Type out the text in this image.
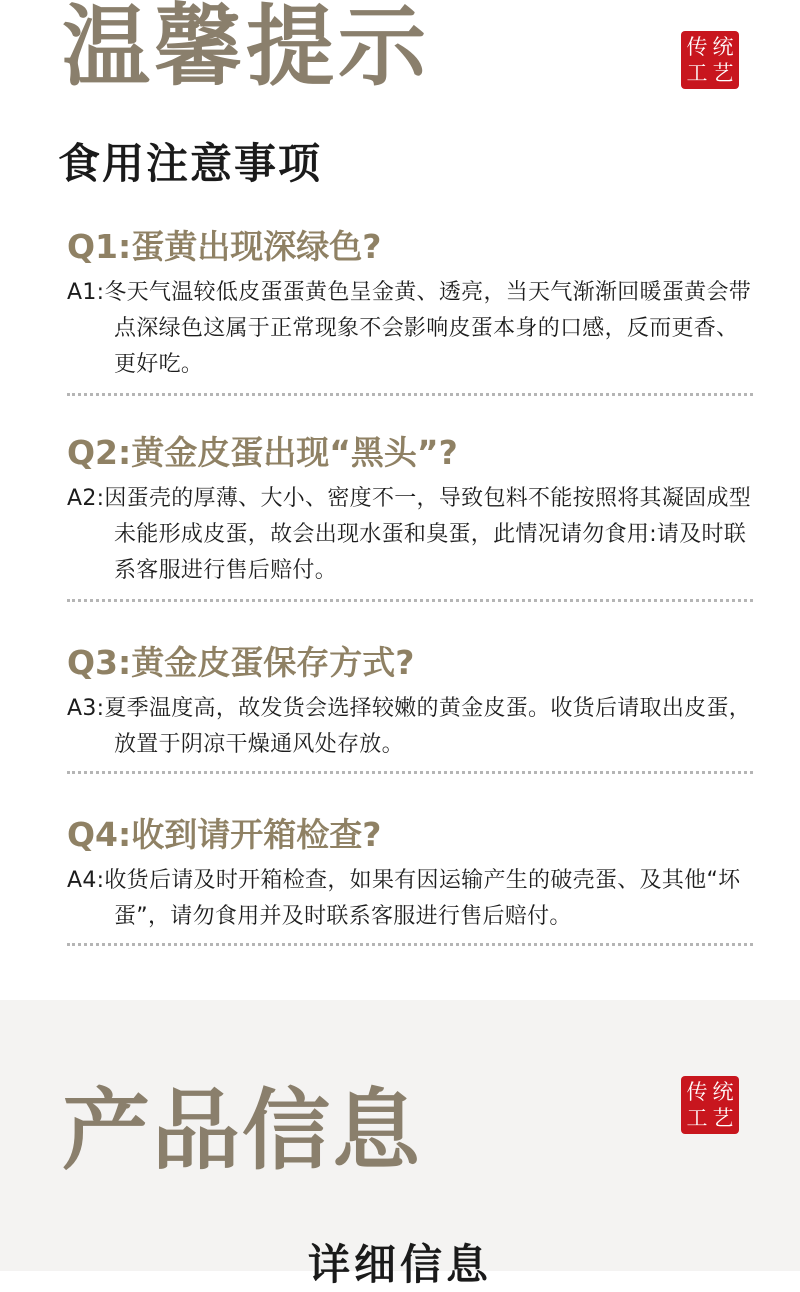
温馨提示	传 统
工 艺
食用注意事项

Q1:蛋黄出现深绿色?

A1:冬天气温较低皮蛋蛋黄色呈金黄、透亮，当天气渐渐回暖蛋黄会带点深绿色这属于正常现象不会影响皮蛋本身的口感，反而更香、更好吃。

Q2:黄金皮蛋出现“黑头”?

A2:因蛋壳的厚薄、大小、密度不一，导致包料不能按照将其凝固成型未能形成皮蛋，故会出现水蛋和臭蛋，此情况请勿食用:请及时联系客服进行售后赔付。

Q3:黄金皮蛋保存方式?

A3:夏季温度高，故发货会选择较嫩的黄金皮蛋。收货后请取出皮蛋，放置于阴凉干燥通风处存放。

Q4:收到请开箱检查?

A4:收货后请及时开箱检查，如果有因运输产生的破壳蛋、及其他“坏蛋”，请勿食用并及时联系客服进行售后赔付。

产品信息	传 统
工 艺
详细信息
